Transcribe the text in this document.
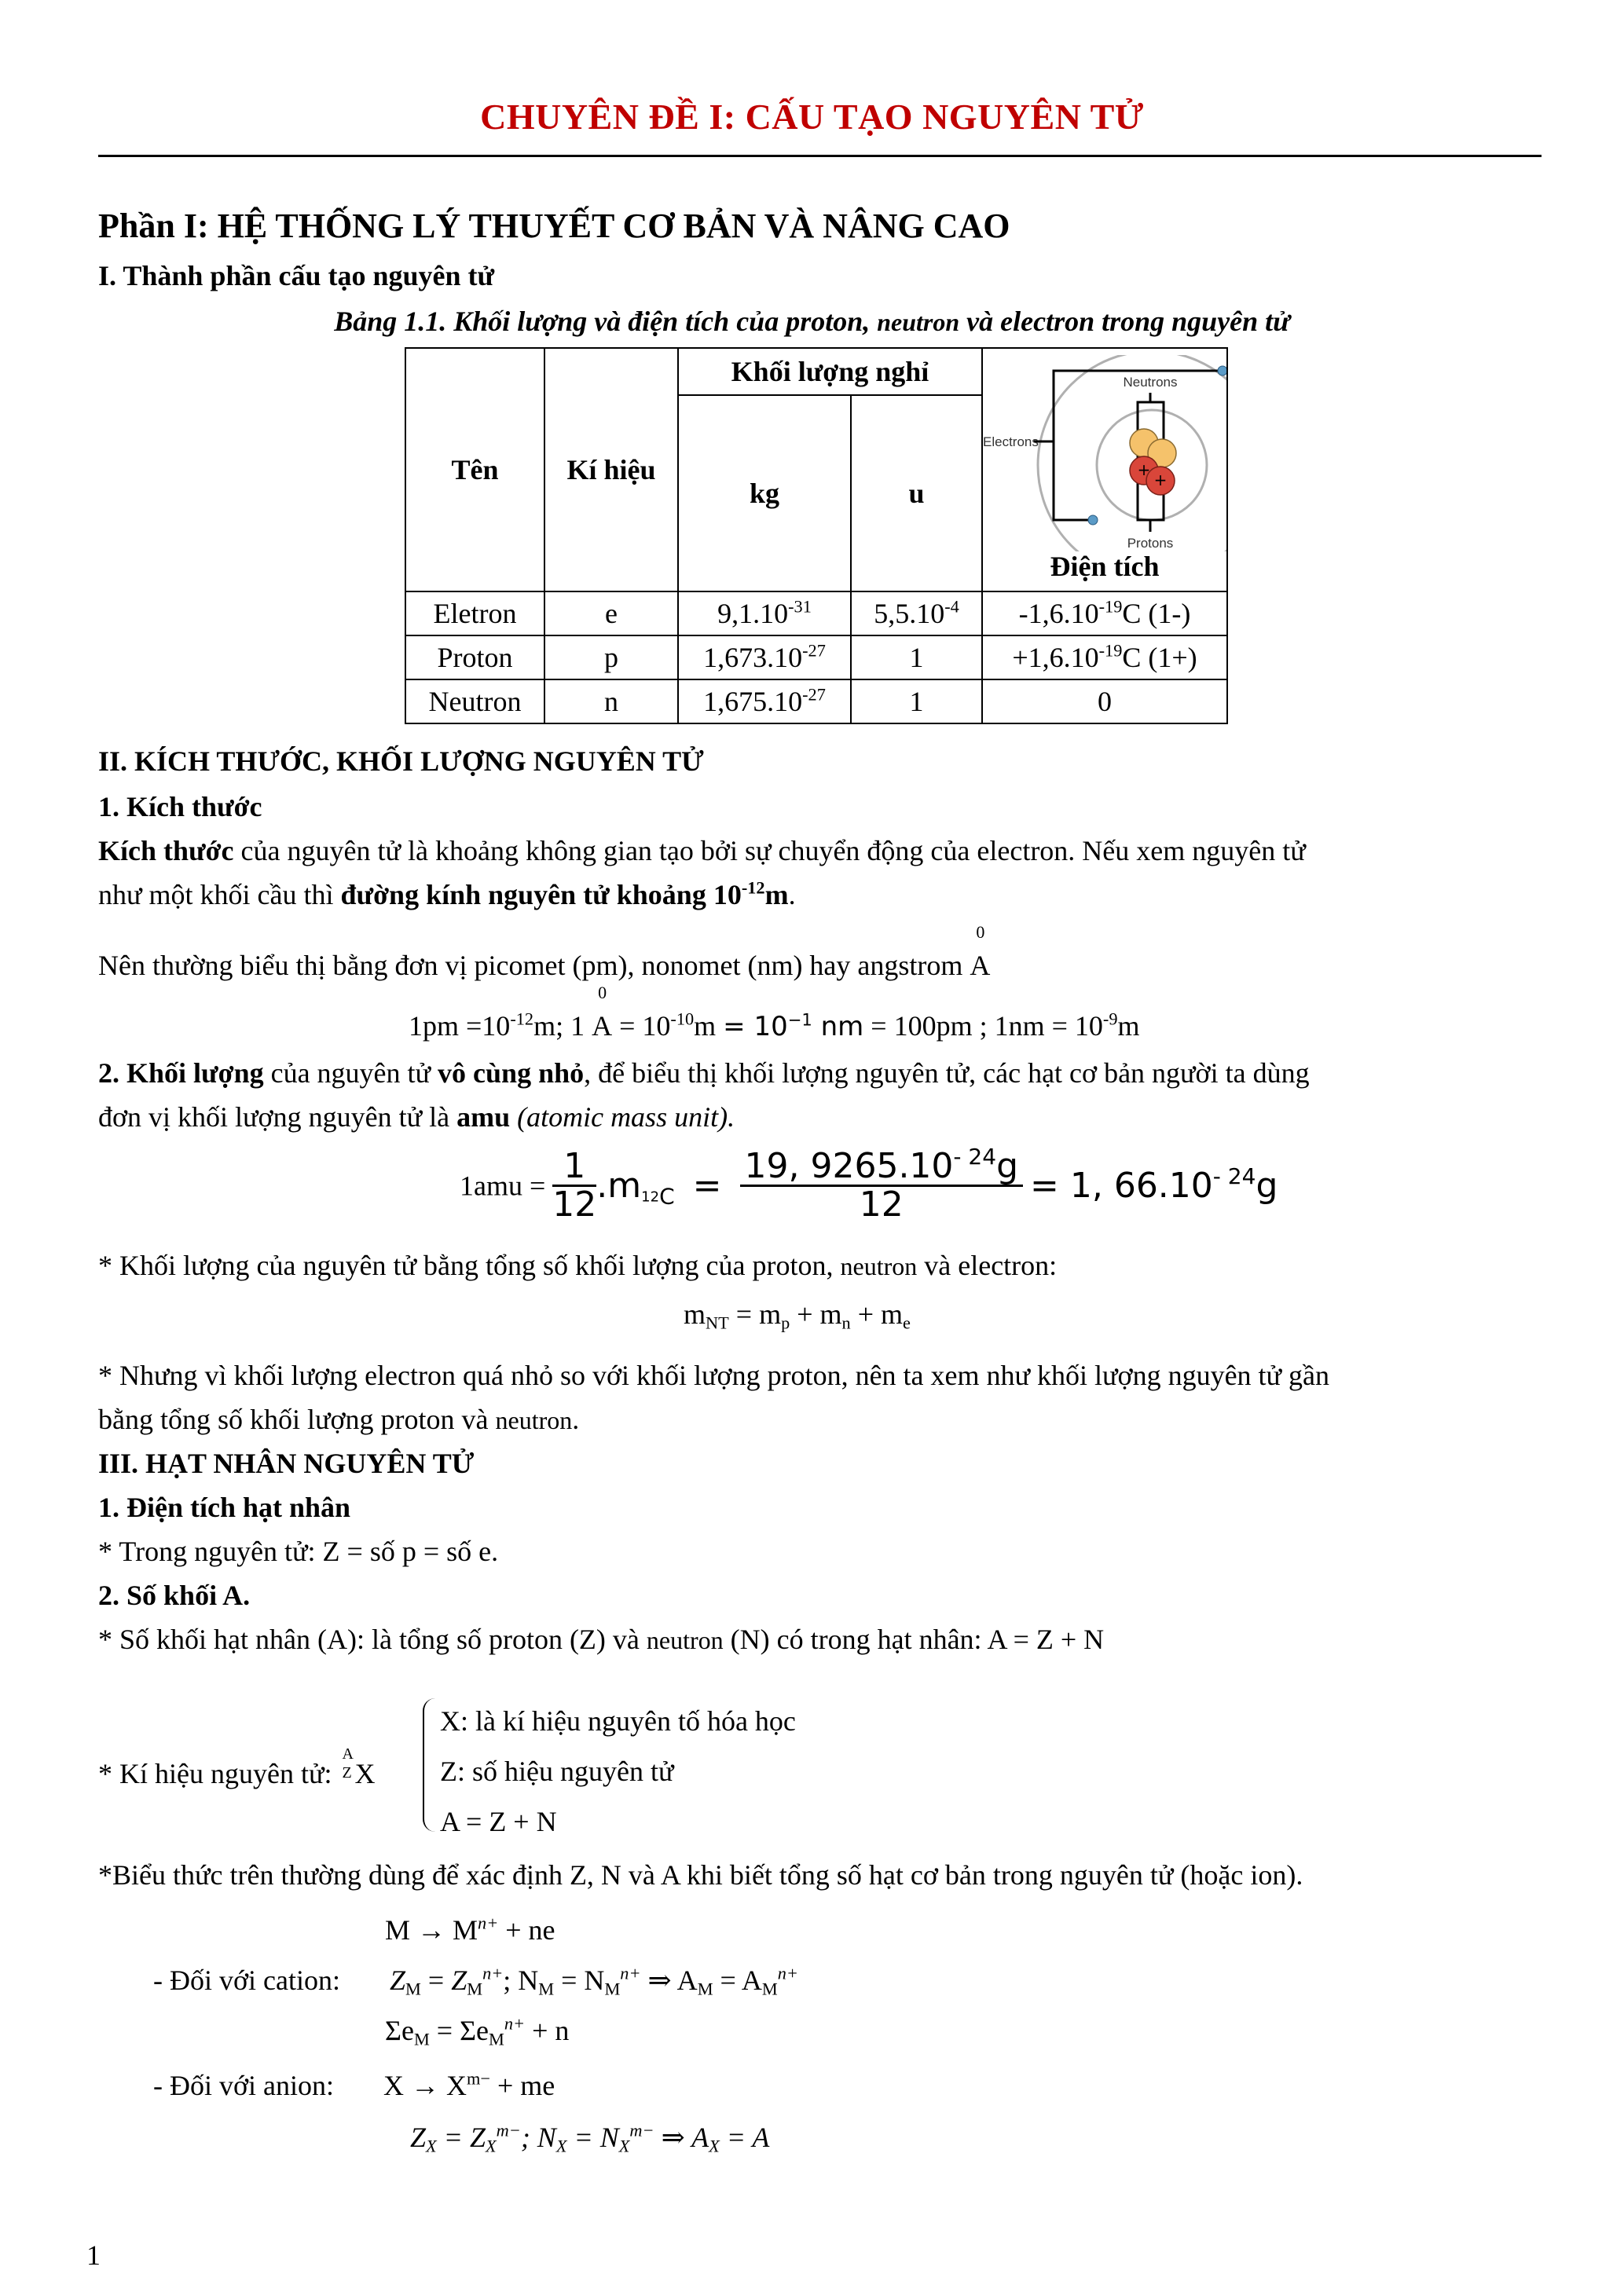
CHUYÊN ĐỀ I: CẤU TẠO NGUYÊN TỬ
Phần I: HỆ THỐNG LÝ THUYẾT CƠ BẢN VÀ NÂNG CAO
I. Thành phần cấu tạo nguyên tử
Bảng 1.1. Khối lượng và điện tích của proton, neutron và electron trong nguyên tử
Tên	Kí hiệu	Khối lượng nghỉ	
Electrons
Neutrons
Protons
+
+
Điện tích

		kg	u	
Eletron	e	$9,1.10^{-31}$	$5,5.10^{-4}$	$-1,6.10^{-19}C$ (1-)
Proton	p	$1,673.10^{-27}$	1	$+1,6.10^{-19}C$ (1+)
Neutron	n	$1,675.10^{-27}$	1	0
II. KÍCH THƯỚC, KHỐI LƯỢNG NGUYÊN TỬ
1. Kích thước
Kích thước của nguyên tử là khoảng không gian tạo bởi sự chuyển động của electron. Nếu xem nguyên tử
như một khối cầu thì đường kính nguyên tử khoảng $10^{-12}m$.
Nên thường biểu thị bằng đơn vị picomet (pm), nonomet (nm) hay angstrom
0
A
$1pm =10^{-12}m$; 1
0
$A = 10^{-10}m = 10^{-1}$ nm = 100pm ; $1nm = 10^{-9}m$
2. Khối lượng của nguyên tử vô cùng nhỏ, để biểu thị khối lượng nguyên tử, các hạt cơ bản người ta dùng
đơn vị khối lượng nguyên tử là amu (atomic mass unit).
$1amu = \frac{1}{12} .m_{12C} = \frac{19, 9265.10^{- 24}g}{12} = 1$, $66.10^{- 24}g$
* Khối lượng của nguyên tử bằng tổng số khối lượng của proton, neutron và electron:
$m_{NT} = m_p + m_n + m_e$
* Nhưng vì khối lượng electron quá nhỏ so với khối lượng proton, nên ta xem như khối lượng nguyên tử gần
bằng tổng số khối lượng proton và neutron.
III. HẠT NHÂN NGUYÊN TỬ
1. Điện tích hạt nhân
* Trong nguyên tử: Z = số p = số e.
2. Số khối A.
* Số khối hạt nhân (A): là tổng số proton (Z) và neutron (N) có trong hạt nhân: A = Z + N
* Kí hiệu nguyên tử:
A
Z X
X: là kí hiệu nguyên tố hóa học
Z: số hiệu nguyên tử
A = Z + N
*Biểu thức trên thường dùng để xác định Z, N và A khi biết tổng số hạt cơ bản trong nguyên tử (hoặc ion).
$M \to M^{n+}$ + ne
- Đối với cation: $Z_M = Z_M^{n+}$; $N_M = N_M^{n+}$ ⇒ $A_M = A_M^{n+}$
$\Sigma e_M = \Sigma e_M^{n+} + n$
- Đối với anion: $X \to X^{m-}$ + me
$Z_X = Z_X^{m-}$; $N_X = N_X^{m-}$ ⇒ $A_X = A$
1
